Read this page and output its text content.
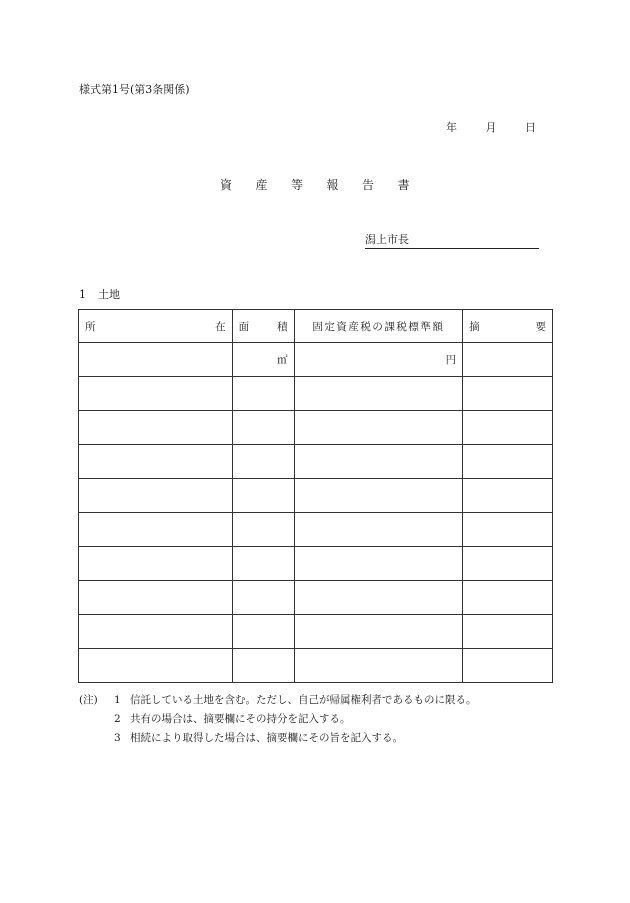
様式第1号(第3条関係)
年	月	日
資 産 等 報 告 書
潟上市長
1 土地
所 在	面 積	固定資産税の課税標準額	摘 要

	㎡	円	

(注)	1 信託している土地を含む。ただし、自己が帰属権利者であるものに限る。
2 共有の場合は、摘要欄にその持分を記入する。
3 相続により取得した場合は、摘要欄にその旨を記入する。
